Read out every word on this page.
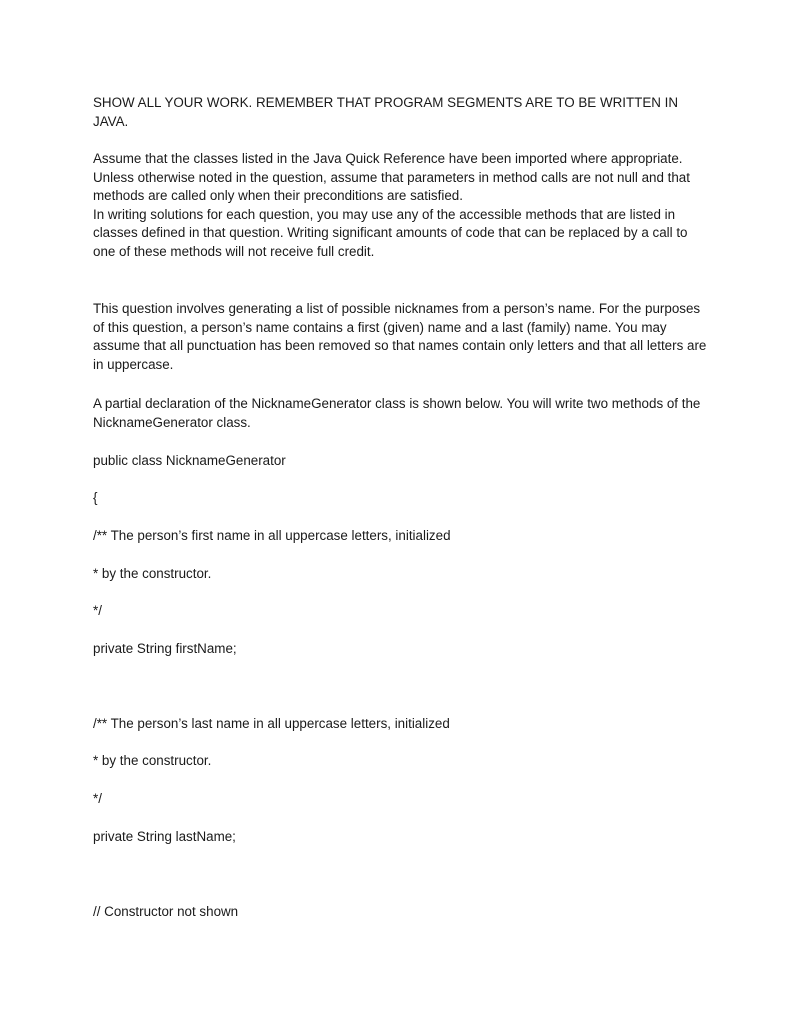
SHOW ALL YOUR WORK. REMEMBER THAT PROGRAM SEGMENTS ARE TO BE WRITTEN IN JAVA.

Assume that the classes listed in the Java Quick Reference have been imported where appropriate.

Unless otherwise noted in the question, assume that parameters in method calls are not null and that methods are called only when their preconditions are satisfied.

In writing solutions for each question, you may use any of the accessible methods that are listed in classes defined in that question. Writing significant amounts of code that can be replaced by a call to one of these methods will not receive full credit.

This question involves generating a list of possible nicknames from a person’s name. For the purposes of this question, a person’s name contains a first (given) name and a last (family) name. You may assume that all punctuation has been removed so that names contain only letters and that all letters are in uppercase.

A partial declaration of the NicknameGenerator class is shown below. You will write two methods of the NicknameGenerator class.

public class NicknameGenerator

{

/** The person’s first name in all uppercase letters, initialized

* by the constructor.

*/

private String firstName;

/** The person’s last name in all uppercase letters, initialized

* by the constructor.

*/

private String lastName;

// Constructor not shown
